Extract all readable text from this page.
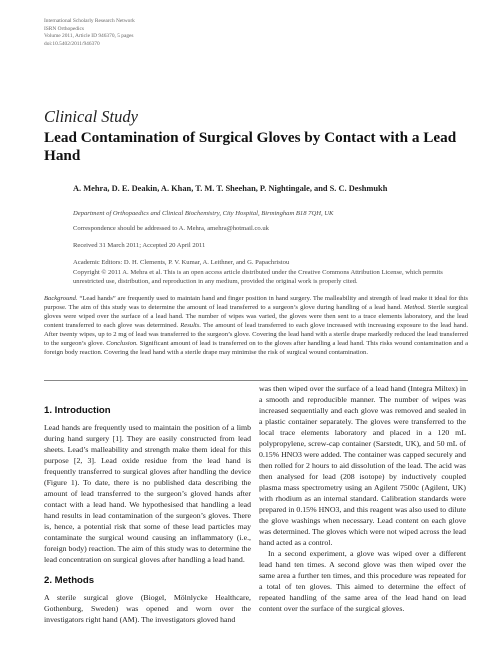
International Scholarly Research Network
ISRN Orthopedics
Volume 2011, Article ID 946370, 5 pages
doi:10.5402/2011/946370
Clinical Study
Lead Contamination of Surgical Gloves by Contact with a Lead Hand
A. Mehra, D. E. Deakin, A. Khan, T. M. T. Sheehan, P. Nightingale, and S. C. Deshmukh
Department of Orthopaedics and Clinical Biochemistry, City Hospital, Birmingham B18 7QH, UK
Correspondence should be addressed to A. Mehra, amehra@hotmail.co.uk
Received 31 March 2011; Accepted 20 April 2011
Academic Editors: D. H. Clements, P. V. Kumar, A. Leithner, and G. Papachristou
Copyright © 2011 A. Mehra et al. This is an open access article distributed under the Creative Commons Attribution License, which permits unrestricted use, distribution, and reproduction in any medium, provided the original work is properly cited.
Background. “Lead hands” are frequently used to maintain hand and finger position in hand surgery. The malleability and strength of lead make it ideal for this purpose. The aim of this study was to determine the amount of lead transferred to a surgeon’s glove during handling of a lead hand. Method. Sterile surgical gloves were wiped over the surface of a lead hand. The number of wipes was varied, the gloves were then sent to a trace elements laboratory, and the lead content transferred to each glove was determined. Results. The amount of lead transferred to each glove increased with increasing exposure to the lead hand. After twenty wipes, up to 2 mg of lead was transferred to the surgeon’s glove. Covering the lead hand with a sterile drape markedly reduced the lead transferred to the surgeon’s glove. Conclusion. Significant amount of lead is transferred on to the gloves after handling a lead hand. This risks wound contamination and a foreign body reaction. Covering the lead hand with a sterile drape may minimise the risk of surgical wound contamination.
1. Introduction

Lead hands are frequently used to maintain the position of a limb during hand surgery [1]. They are easily constructed from lead sheets. Lead’s malleability and strength make them ideal for this purpose [2, 3]. Lead oxide residue from the lead hand is frequently transferred to surgical gloves after handling the device (Figure 1). To date, there is no published data describing the amount of lead transferred to the surgeon’s gloved hands after contact with a lead hand. We hypothesised that handling a lead hand results in lead contamination of the surgeon’s gloves. There is, hence, a potential risk that some of these lead particles may contaminate the surgical wound causing an inflammatory (i.e., foreign body) reaction. The aim of this study was to determine the lead concentration on surgical gloves after handling a lead hand.

2. Methods

A sterile surgical glove (Biogel, Mölnlycke Healthcare, Gothenburg, Sweden) was opened and worn over the investigators right hand (AM). The investigators gloved hand

was then wiped over the surface of a lead hand (Integra Miltex) in a smooth and reproducible manner. The number of wipes was increased sequentially and each glove was removed and sealed in a plastic container separately. The gloves were transferred to the local trace elements laboratory and placed in a 120 mL polypropylene, screw-cap container (Sarstedt, UK), and 50 mL of 0.15% HNO3 were added. The container was capped securely and then rolled for 2 hours to aid dissolution of the lead. The acid was then analysed for lead (208 isotope) by inductively coupled plasma mass spectrometry using an Agilent 7500c (Agilent, UK) with rhodium as an internal standard. Calibration standards were prepared in 0.15% HNO3, and this reagent was also used to dilute the glove washings when necessary. Lead content on each glove was determined. The gloves which were not wiped across the lead hand acted as a control.

In a second experiment, a glove was wiped over a different lead hand ten times. A second glove was then wiped over the same area a further ten times, and this procedure was repeated for a total of ten gloves. This aimed to determine the effect of repeated handling of the same area of the lead hand on lead content over the surface of the surgical gloves.
